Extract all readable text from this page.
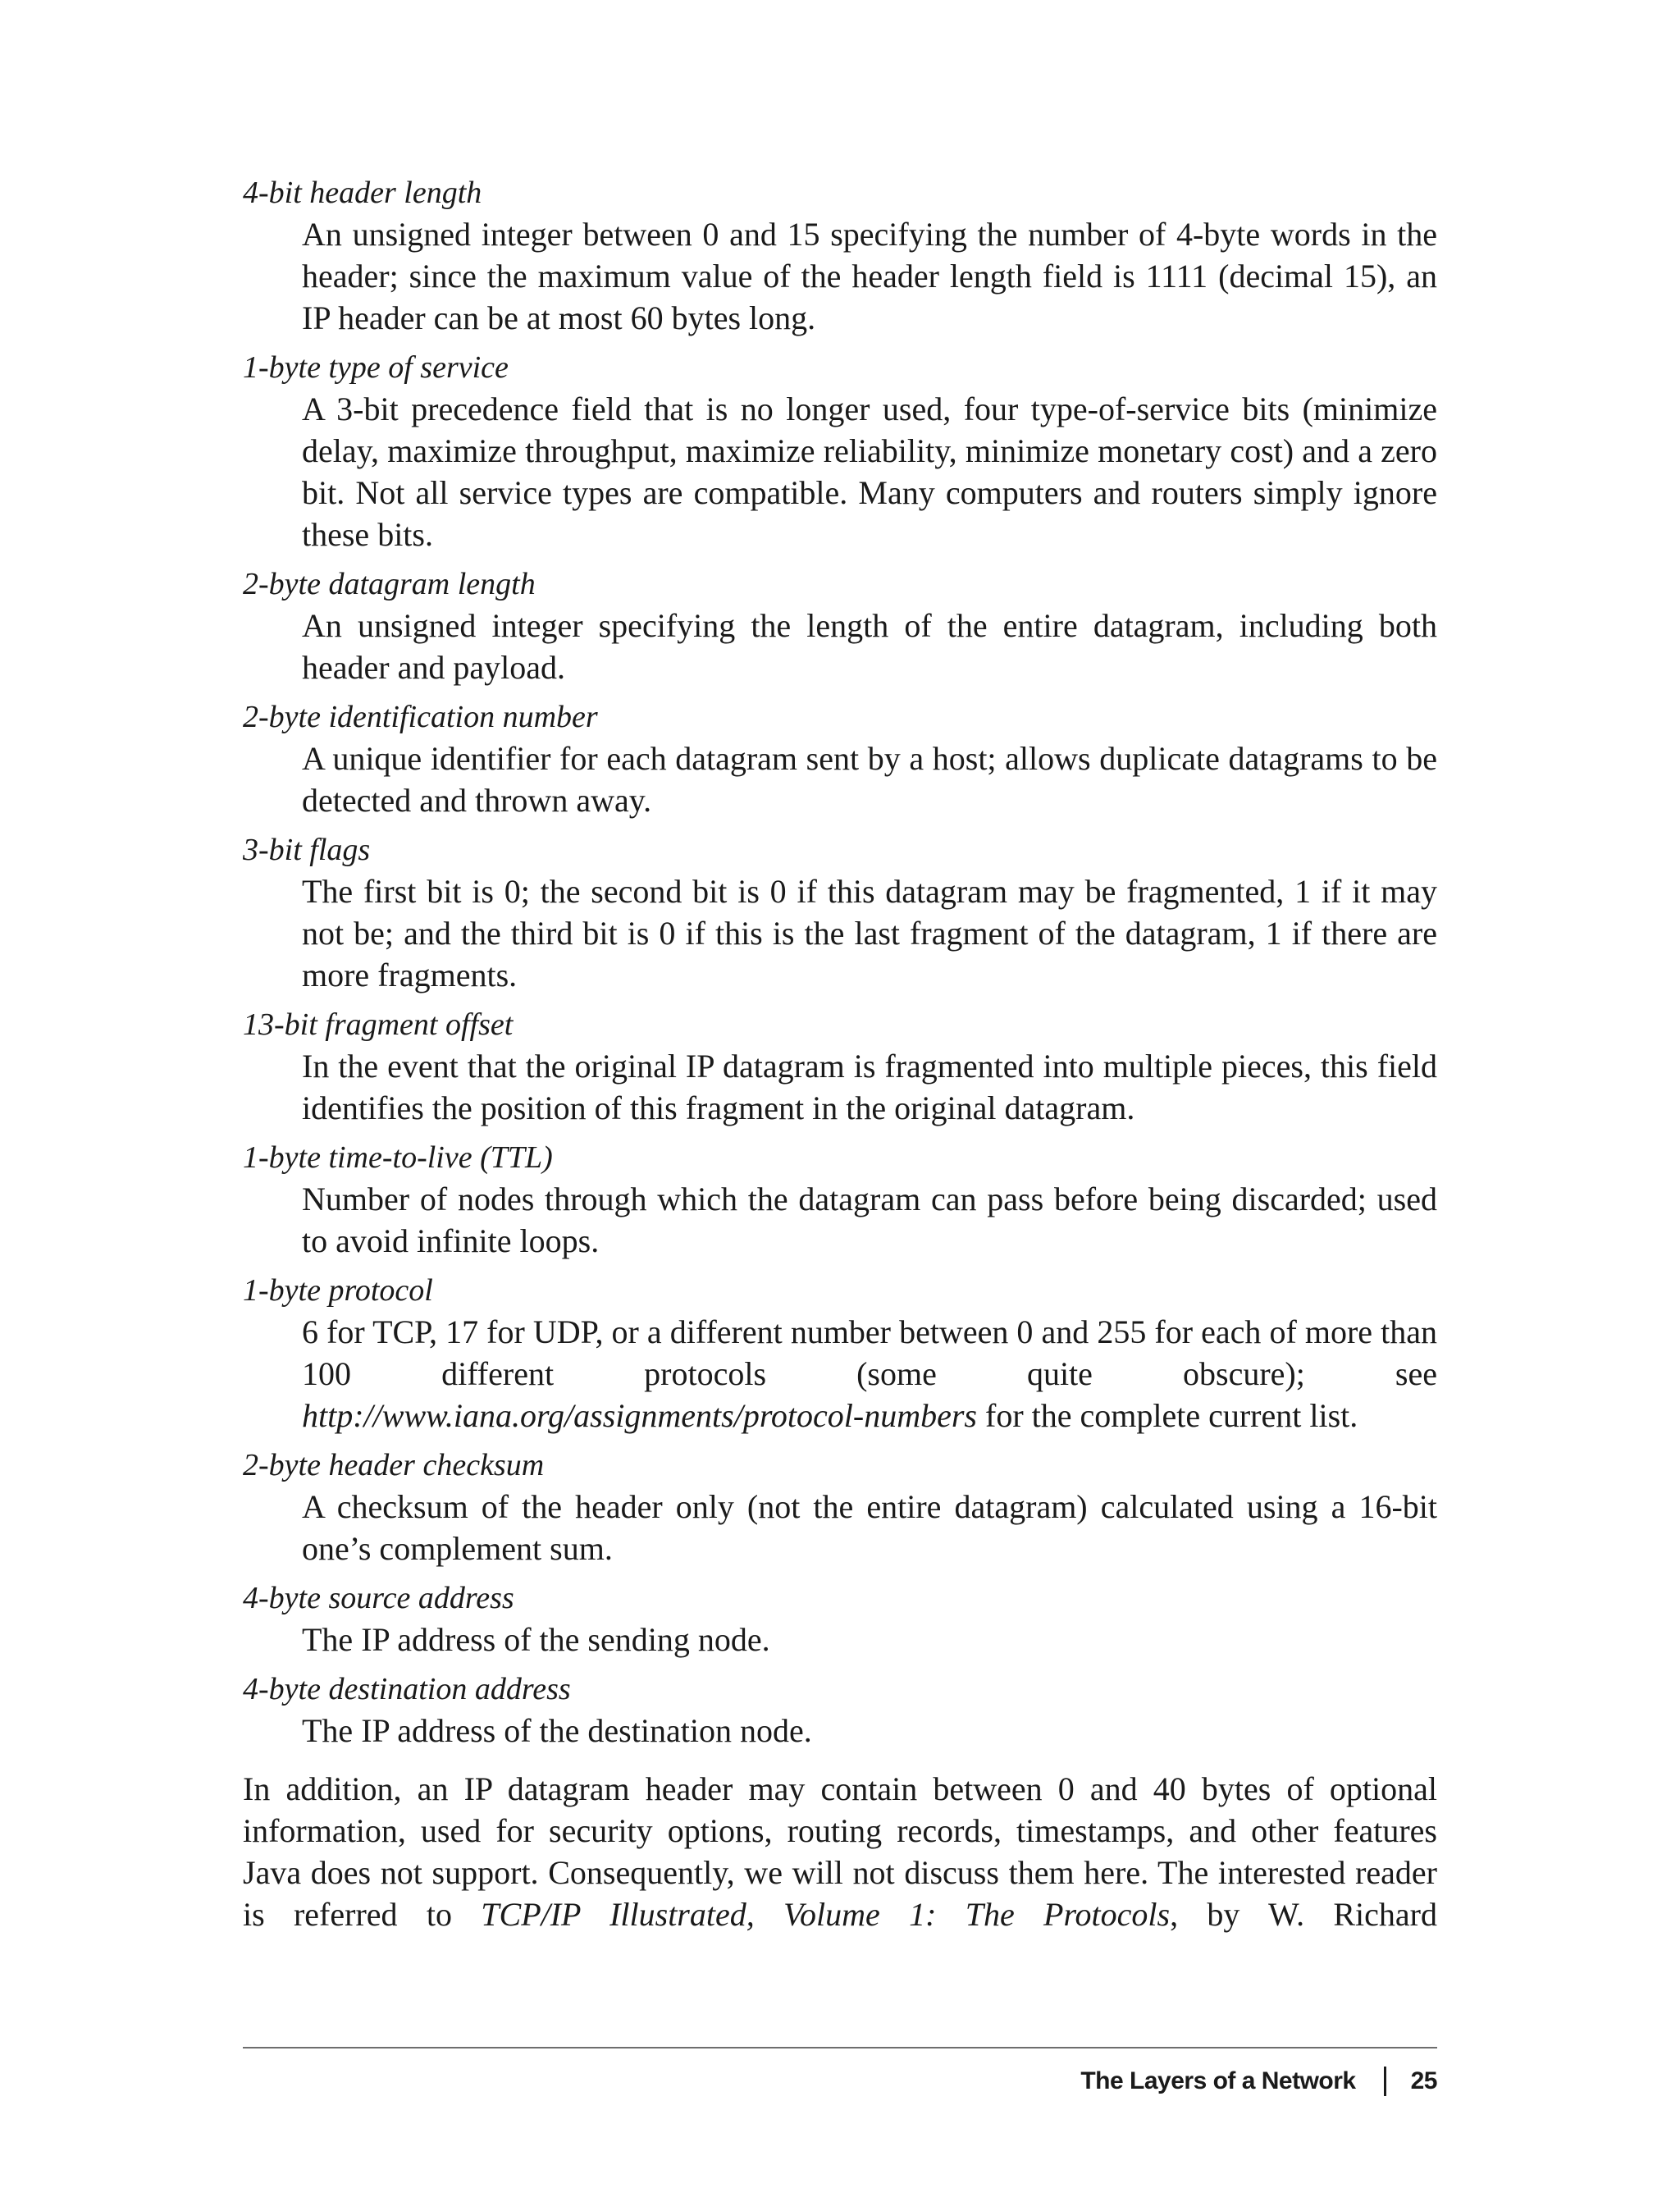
4-bit header length

An unsigned integer between 0 and 15 specifying the number of 4-byte words in the header; since the maximum value of the header length field is 1111 (decimal 15), an IP header can be at most 60 bytes long.

1-byte type of service

A 3-bit precedence field that is no longer used, four type-of-service bits (minimize delay, maximize throughput, maximize reliability, minimize monetary cost) and a zero bit. Not all service types are compatible. Many computers and routers simply ignore these bits.

2-byte datagram length

An unsigned integer specifying the length of the entire datagram, including both header and payload.

2-byte identification number

A unique identifier for each datagram sent by a host; allows duplicate datagrams to be detected and thrown away.

3-bit flags

The first bit is 0; the second bit is 0 if this datagram may be fragmented, 1 if it may not be; and the third bit is 0 if this is the last fragment of the datagram, 1 if there are more fragments.

13-bit fragment offset

In the event that the original IP datagram is fragmented into multiple pieces, this field identifies the position of this fragment in the original datagram.

1-byte time-to-live (TTL)

Number of nodes through which the datagram can pass before being discarded; used to avoid infinite loops.

1-byte protocol

6 for TCP, 17 for UDP, or a different number between 0 and 255 for each of more than 100 different protocols (some quite obscure); see http://www.iana.org/assignments/protocol-numbers for the complete current list.

2-byte header checksum

A checksum of the header only (not the entire datagram) calculated using a 16-bit one’s complement sum.

4-byte source address

The IP address of the sending node.

4-byte destination address

The IP address of the destination node.

In addition, an IP datagram header may contain between 0 and 40 bytes of optional information, used for security options, routing records, timestamps, and other features Java does not support. Consequently, we will not discuss them here. The interested reader is referred to TCP/IP Illustrated, Volume 1: The Protocols, by W. Richard

The Layers of a Network 25
